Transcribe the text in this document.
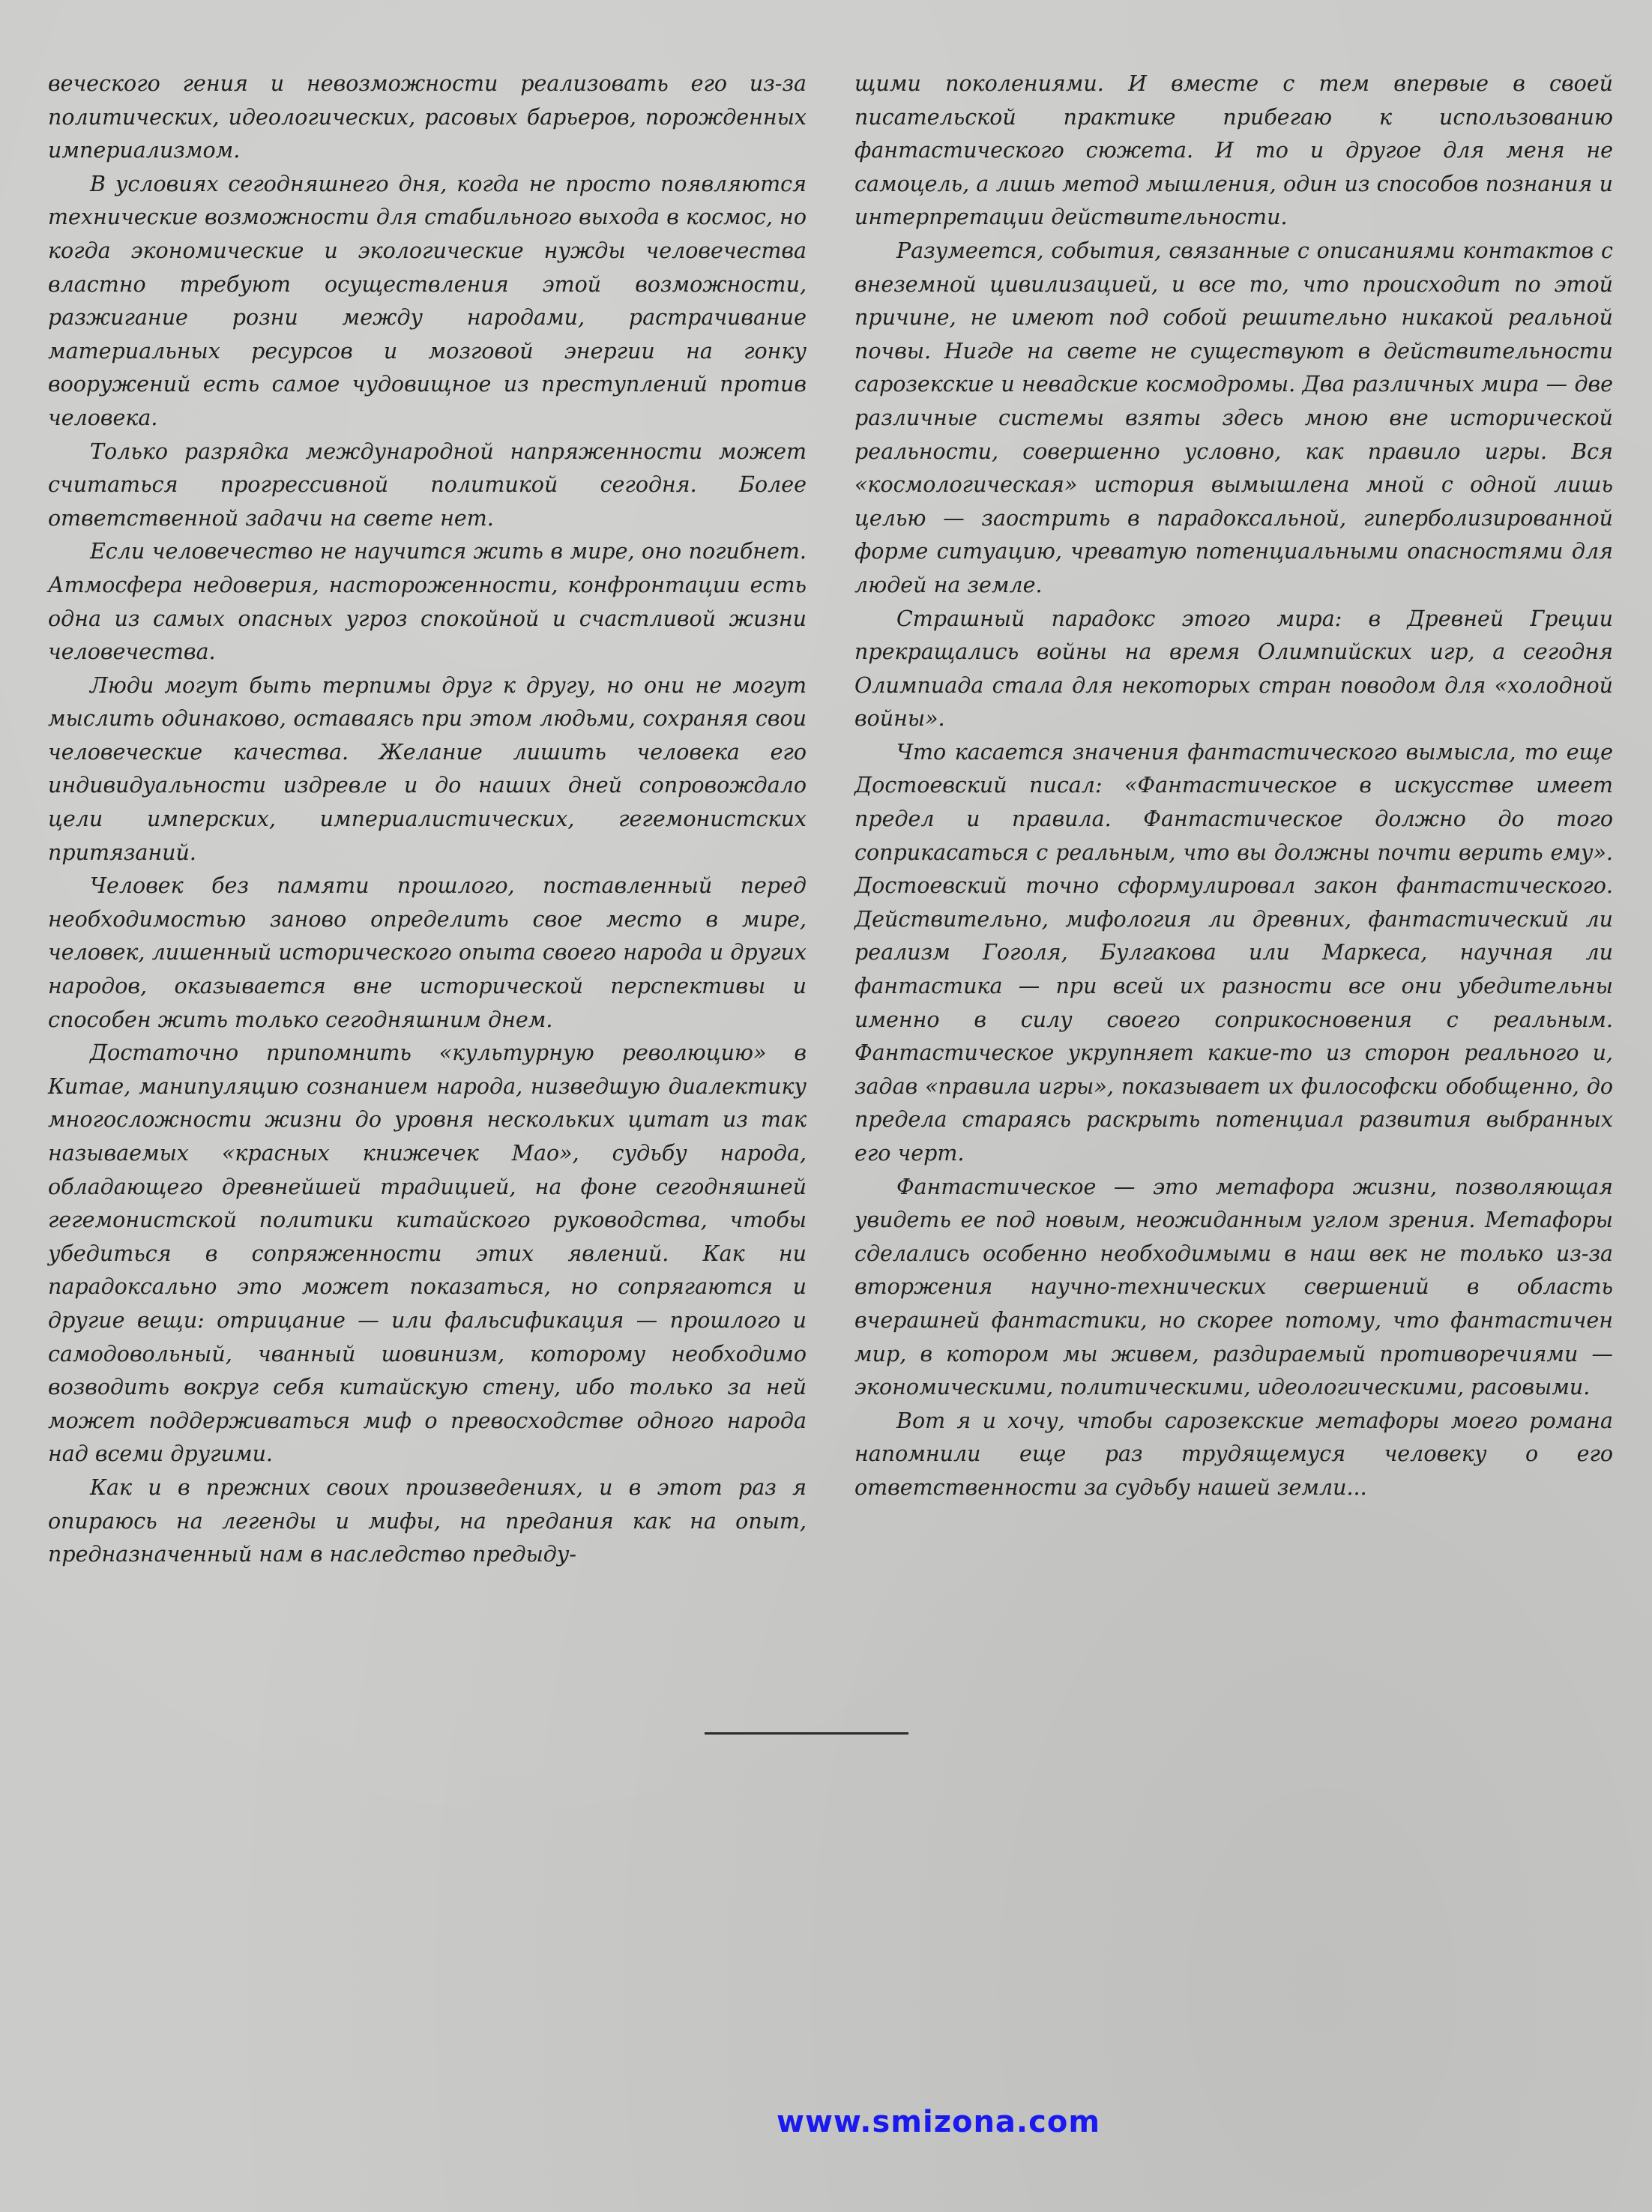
вечеcкого гения и невозможности реализовать его из-за политических, идеологических, расовых барьеров, порожденных империализмом.

В условиях сегодняшнего дня, когда не просто появляются технические возможности для стабильного выхода в космос, но когда экономические и экологические нужды человечества властно требуют осуществления этой возможности, разжигание розни между народами, растрачивание материальных ресурсов и мозговой энергии на гонку вооружений есть самое чудовищное из преступлений против человека.

Только разрядка международной напряженности может считаться прогрессивной политикой сегодня. Более ответственной задачи на свете нет.

Если человечество не научится жить в мире, оно погибнет. Атмосфера недоверия, настороженности, конфронтации есть одна из самых опасных угроз спокойной и счастливой жизни человечества.

Люди могут быть терпимы друг к другу, но они не могут мыслить одинаково, оставаясь при этом людьми, сохраняя свои человеческие качества. Желание лишить человека его индивидуальности издревле и до наших дней сопровождало цели имперских, империалистических, гегемонистских притязаний.

Человек без памяти прошлого, поставленный перед необходимостью заново определить свое место в мире, человек, лишенный исторического опыта своего народа и других народов, оказывается вне исторической перспективы и способен жить только сегодняшним днем.

Достаточно припомнить «культурную революцию» в Китае, манипуляцию сознанием народа, низведшую диалектику многосложности жизни до уровня нескольких цитат из так называемых «красных книжечек Мао», судьбу народа, обладающего древнейшей традицией, на фоне сегодняшней гегемонистской политики китайского руководства, чтобы убедиться в сопряженности этих явлений. Как ни парадоксально это может показаться, но сопрягаются и другие вещи: отрицание — или фальсификация — прошлого и самодовольный, чванный шовинизм, которому необходимо возводить вокруг себя китайскую стену, ибо только за ней может поддерживаться миф о превосходстве одного народа над всеми другими.

Как и в прежних своих произведениях, и в этот раз я опираюсь на легенды и мифы, на предания как на опыт, предназначенный нам в наследство предыду-

щими поколениями. И вместе с тем впервые в своей писательской практике прибегаю к использованию фантастического сюжета. И то и другое для меня не самоцель, а лишь метод мышления, один из способов познания и интерпретации действительности.

Разумеется, события, связанные с описаниями контактов с внеземной цивилизацией, и все то, что происходит по этой причине, не имеют под собой решительно никакой реальной почвы. Нигде на свете не существуют в действительности сарозекские и невадские космодромы. Два различных мира — две различные системы взяты здесь мною вне исторической реальности, совершенно условно, как правило игры. Вся «космологическая» история вымышлена мной с одной лишь целью — заострить в парадоксальной, гиперболизированной форме ситуацию, чреватую потенциальными опасностями для людей на земле.

Страшный парадокс этого мира: в Древней Греции прекращались войны на время Олимпийских игр, а сегодня Олимпиада стала для некоторых стран поводом для «холодной войны».

Что касается значения фантастического вымысла, то еще Достоевский писал: «Фантастическое в искусстве имеет предел и правила. Фантастическое должно до того соприкасаться с реальным, что вы должны почти верить ему». Достоевский точно сформулировал закон фантастического. Действительно, мифология ли древних, фантастический ли реализм Гоголя, Булгакова или Маркеса, научная ли фантастика — при всей их разности все они убедительны именно в силу своего соприкосновения с реальным. Фантастическое укрупняет какие-то из сторон реального и, задав «правила игры», показывает их философски обобщенно, до предела стараясь раскрыть потенциал развития выбранных его черт.

Фантастическое — это метафора жизни, позволяющая увидеть ее под новым, неожиданным углом зрения. Метафоры сделались особенно необходимыми в наш век не только из-за вторжения научно-технических свершений в область вчерашней фантастики, но скорее потому, что фантастичен мир, в котором мы живем, раздираемый противоречиями — экономическими, политическими, идеологическими, расовыми.

Вот я и хочу, чтобы сарозекские метафоры моего романа напомнили еще раз трудящемуся человеку о его ответственности за судьбу нашей земли...

www.smizona.com
